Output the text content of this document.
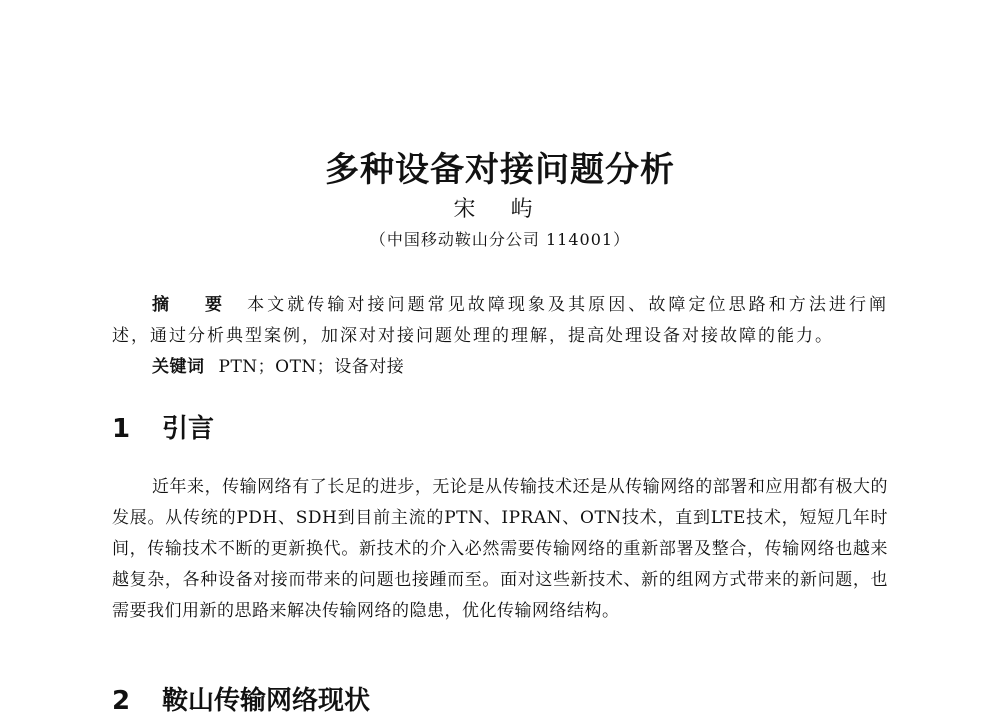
多种设备对接问题分析
宋 屿
（中国移动鞍山分公司 114001）
摘 要 本文就传输对接问题常见故障现象及其原因、故障定位思路和方法进行阐述，通过分析典型案例，加深对对接问题处理的理解，提高处理设备对接故障的能力。
关键词 PTN；OTN；设备对接
1 引言
近年来，传输网络有了长足的进步，无论是从传输技术还是从传输网络的部署和应用都有极大的发展。从传统的PDH、SDH到目前主流的PTN、IPRAN、OTN技术，直到LTE技术，短短几年时间，传输技术不断的更新换代。新技术的介入必然需要传输网络的重新部署及整合，传输网络也越来越复杂，各种设备对接而带来的问题也接踵而至。面对这些新技术、新的组网方式带来的新问题，也需要我们用新的思路来解决传输网络的隐患，优化传输网络结构。
2 鞍山传输网络现状
